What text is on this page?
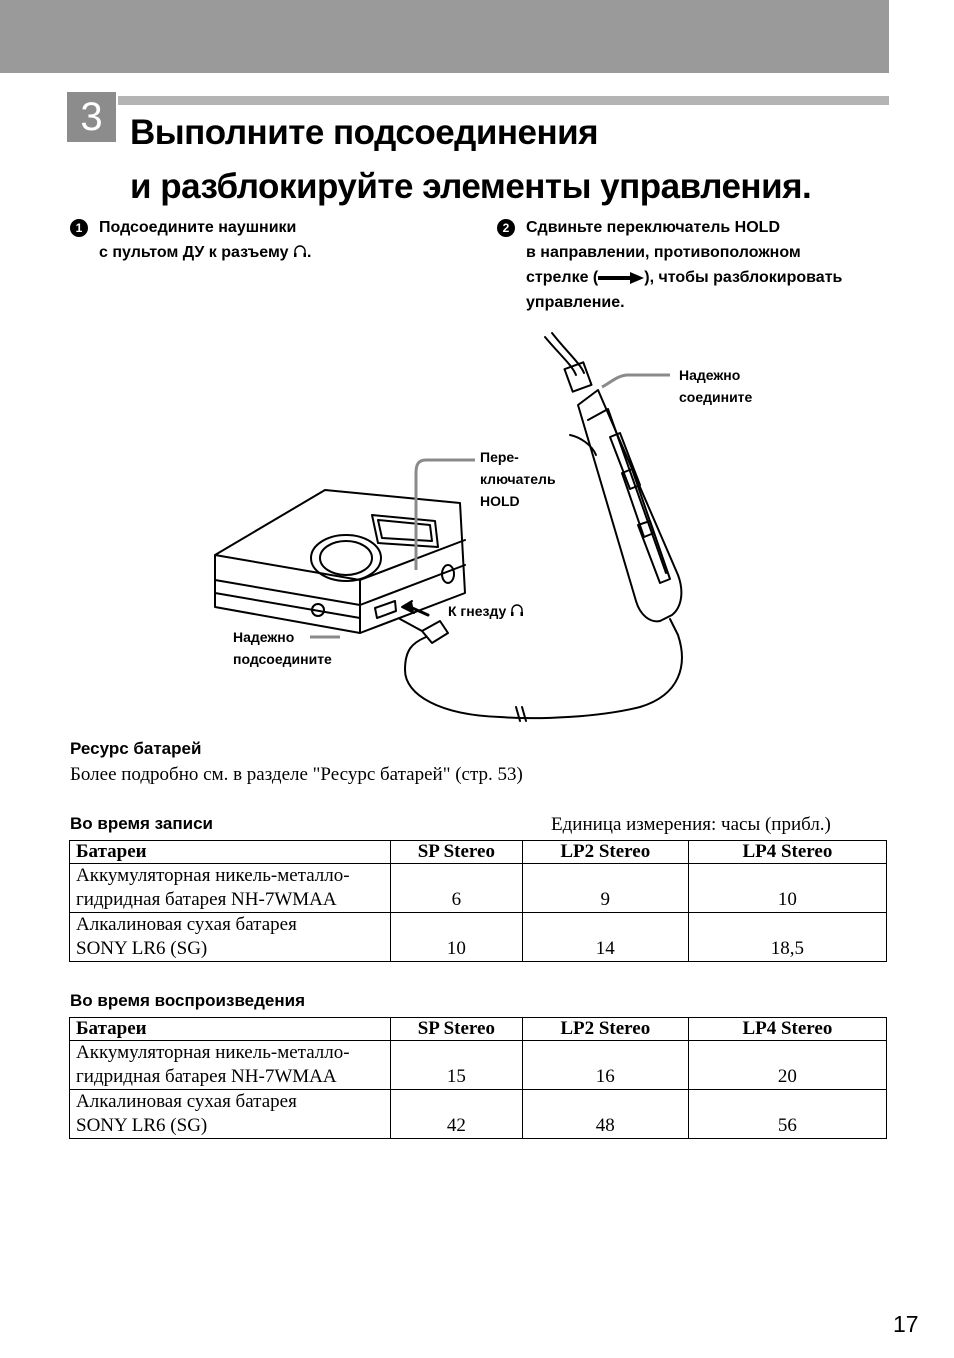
3 Выполните подсоединения
и разблокируйте элементы управления.
1	Подсоедините наушники

с пультом ДУ к разъему .

2	Сдвиньте переключатель HOLD

в направлении, противоположном

стрелке (	), чтобы разблокировать

управление.

Надежно
соедините
Пере-
ключатель
HOLD
К гнезду
Надежно
подсоедините
Ресурс батарей

Более подробно см. в разделе "Ресурс батарей" (стр. 53)

Во время записи	Единица измерения: часы (прибл.)

Батареи	SP Stereo	LP2 Stereo	LP4 Stereo

Аккумуляторная никель-металло-
гидридная батарея NH-7WMAA	6	9	10

Алкалиновая сухая батарея
SONY LR6 (SG)	10	14	18,5
Во время воспроизведения
Батареи	SP Stereo	LP2 Stereo	LP4 Stereo

Аккумуляторная никель-металло-
гидридная батарея NH-7WMAA	15	16	20

Алкалиновая сухая батарея
SONY LR6 (SG)	42	48	56
17
